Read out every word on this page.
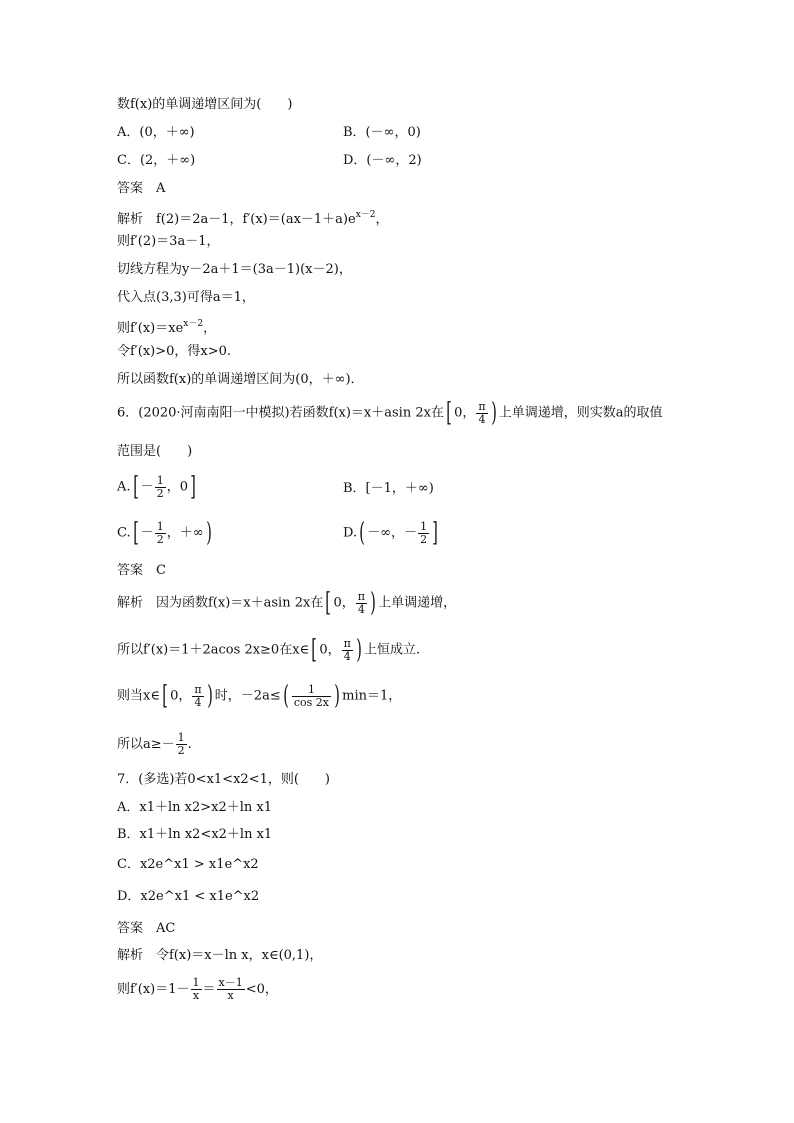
数f(x)的单调递增区间为(　　)
A．(0，＋∞)	B．(－∞，0)
C．(2，＋∞)	D．(－∞，2)
答案　A
解析　f(2)＝2a－1，$f'(x)=(ax-1+a)e^{x-2}$，
则f′(2)＝3a－1，
切线方程为y－2a＋1＝(3a－1)(x－2)，
代入点(3,3)可得a＝1，
则$f'(x)=xe^{x-2}$，
令f′(x)>0，得x>0.
所以函数f(x)的单调递增区间为(0，＋∞)．
6．(2020·河南南阳一中模拟)若函数f(x)＝x＋asin 2x在[ 0， $\frac{\pi}{4}$ ) 上单调递增，则实数a的取值
范围是(　　)
$A.[ - \frac{1}{2}$ ，0]	B．[－1，＋∞)
$C.[ - \frac{1}{2}$ ，＋∞)	D.( －∞，－ $\frac{1}{2}$ ]
答案　C
解析　因为函数f(x)＝x＋asin 2x在[ 0， $\frac{\pi}{4}$ ) 上单调递增，
所以f′(x)＝1＋2acos 2x≥0在x∈[ 0， $\frac{\pi}{4}$ ) 上恒成立.
则当x∈[ 0， $\frac{\pi}{4}$ ) 时，$-2a\le( \frac{1}{\cos 2x}$ ) min＝1，
所以$a\ge- \frac{1}{2}$ .
7．(多选)若0<x1<x2<1，则(　　)
A．x1＋ln x2>x2＋ln x1
B．x1＋ln x2<x2＋ln x1
C．x2e^x1 > x1e^x2
D．x2e^x1 < x1e^x2
答案　AC
解析　令f(x)＝x－ln x，x∈(0,1)，
则$f'(x)=1- \frac{1}{x} = \frac{x-1}{x} <0$，
